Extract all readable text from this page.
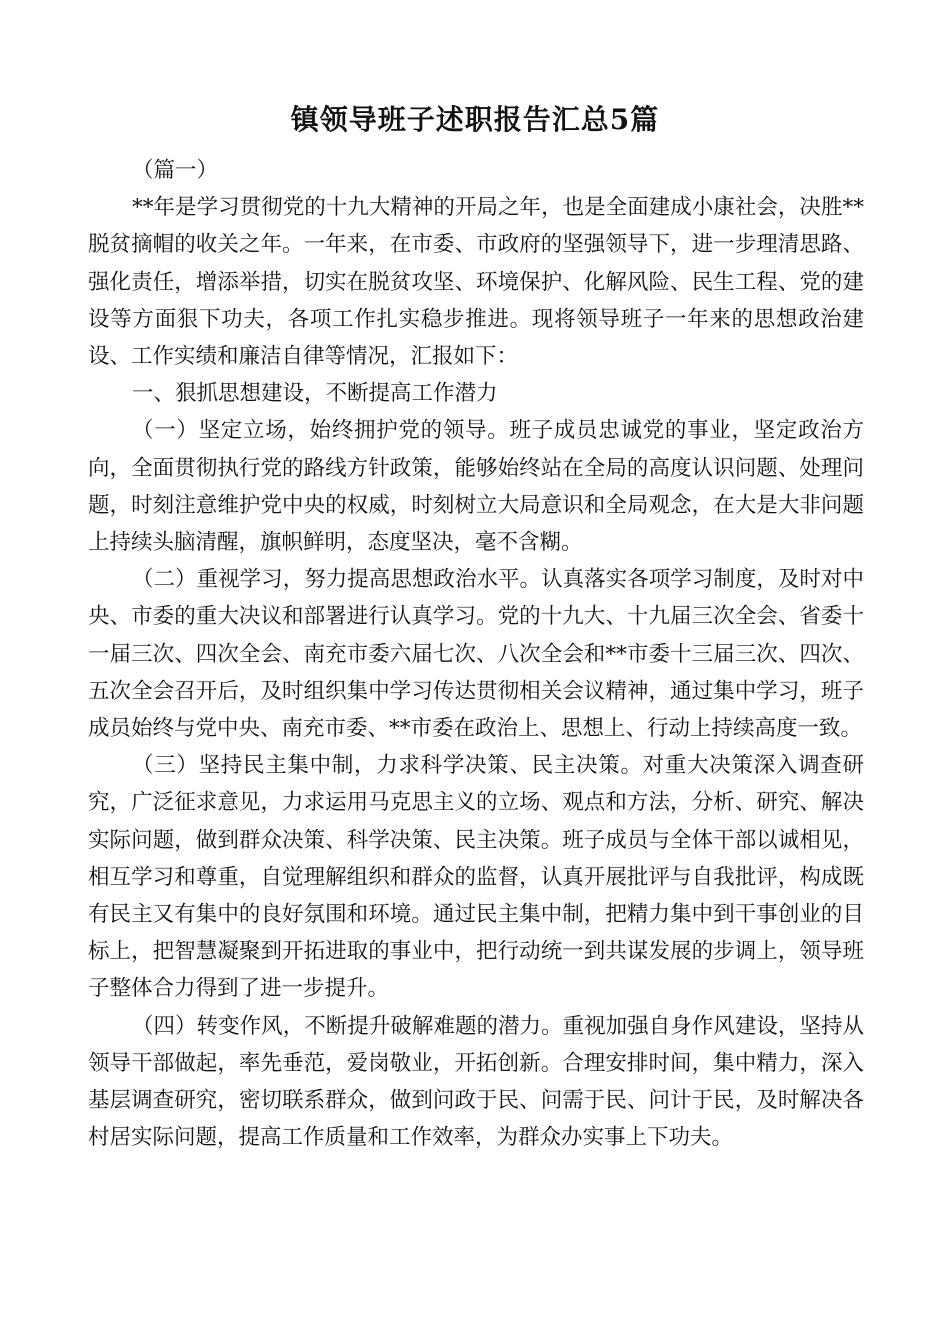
镇领导班子述职报告汇总5篇

（篇一）

**年是学习贯彻党的十九大精神的开局之年，也是全面建成小康社会，决胜**脱贫摘帽的收关之年。一年来，在市委、市政府的坚强领导下，进一步理清思路、强化责任，增添举措，切实在脱贫攻坚、环境保护、化解风险、民生工程、党的建设等方面狠下功夫，各项工作扎实稳步推进。现将领导班子一年来的思想政治建设、工作实绩和廉洁自律等情况，汇报如下：

一、狠抓思想建设，不断提高工作潜力

（一）坚定立场，始终拥护党的领导。班子成员忠诚党的事业，坚定政治方向，全面贯彻执行党的路线方针政策，能够始终站在全局的高度认识问题、处理问题，时刻注意维护党中央的权威，时刻树立大局意识和全局观念，在大是大非问题上持续头脑清醒，旗帜鲜明，态度坚决，毫不含糊。

（二）重视学习，努力提高思想政治水平。认真落实各项学习制度，及时对中央、市委的重大决议和部署进行认真学习。党的十九大、十九届三次全会、省委十一届三次、四次全会、南充市委六届七次、八次全会和**市委十三届三次、四次、五次全会召开后，及时组织集中学习传达贯彻相关会议精神，通过集中学习，班子成员始终与党中央、南充市委、**市委在政治上、思想上、行动上持续高度一致。

（三）坚持民主集中制，力求科学决策、民主决策。对重大决策深入调查研究，广泛征求意见，力求运用马克思主义的立场、观点和方法，分析、研究、解决实际问题，做到群众决策、科学决策、民主决策。班子成员与全体干部以诚相见，相互学习和尊重，自觉理解组织和群众的监督，认真开展批评与自我批评，构成既有民主又有集中的良好氛围和环境。通过民主集中制，把精力集中到干事创业的目标上，把智慧凝聚到开拓进取的事业中，把行动统一到共谋发展的步调上，领导班子整体合力得到了进一步提升。

（四）转变作风，不断提升破解难题的潜力。重视加强自身作风建设，坚持从领导干部做起，率先垂范，爱岗敬业，开拓创新。合理安排时间，集中精力，深入基层调查研究，密切联系群众，做到问政于民、问需于民、问计于民，及时解决各村居实际问题，提高工作质量和工作效率，为群众办实事上下功夫。
